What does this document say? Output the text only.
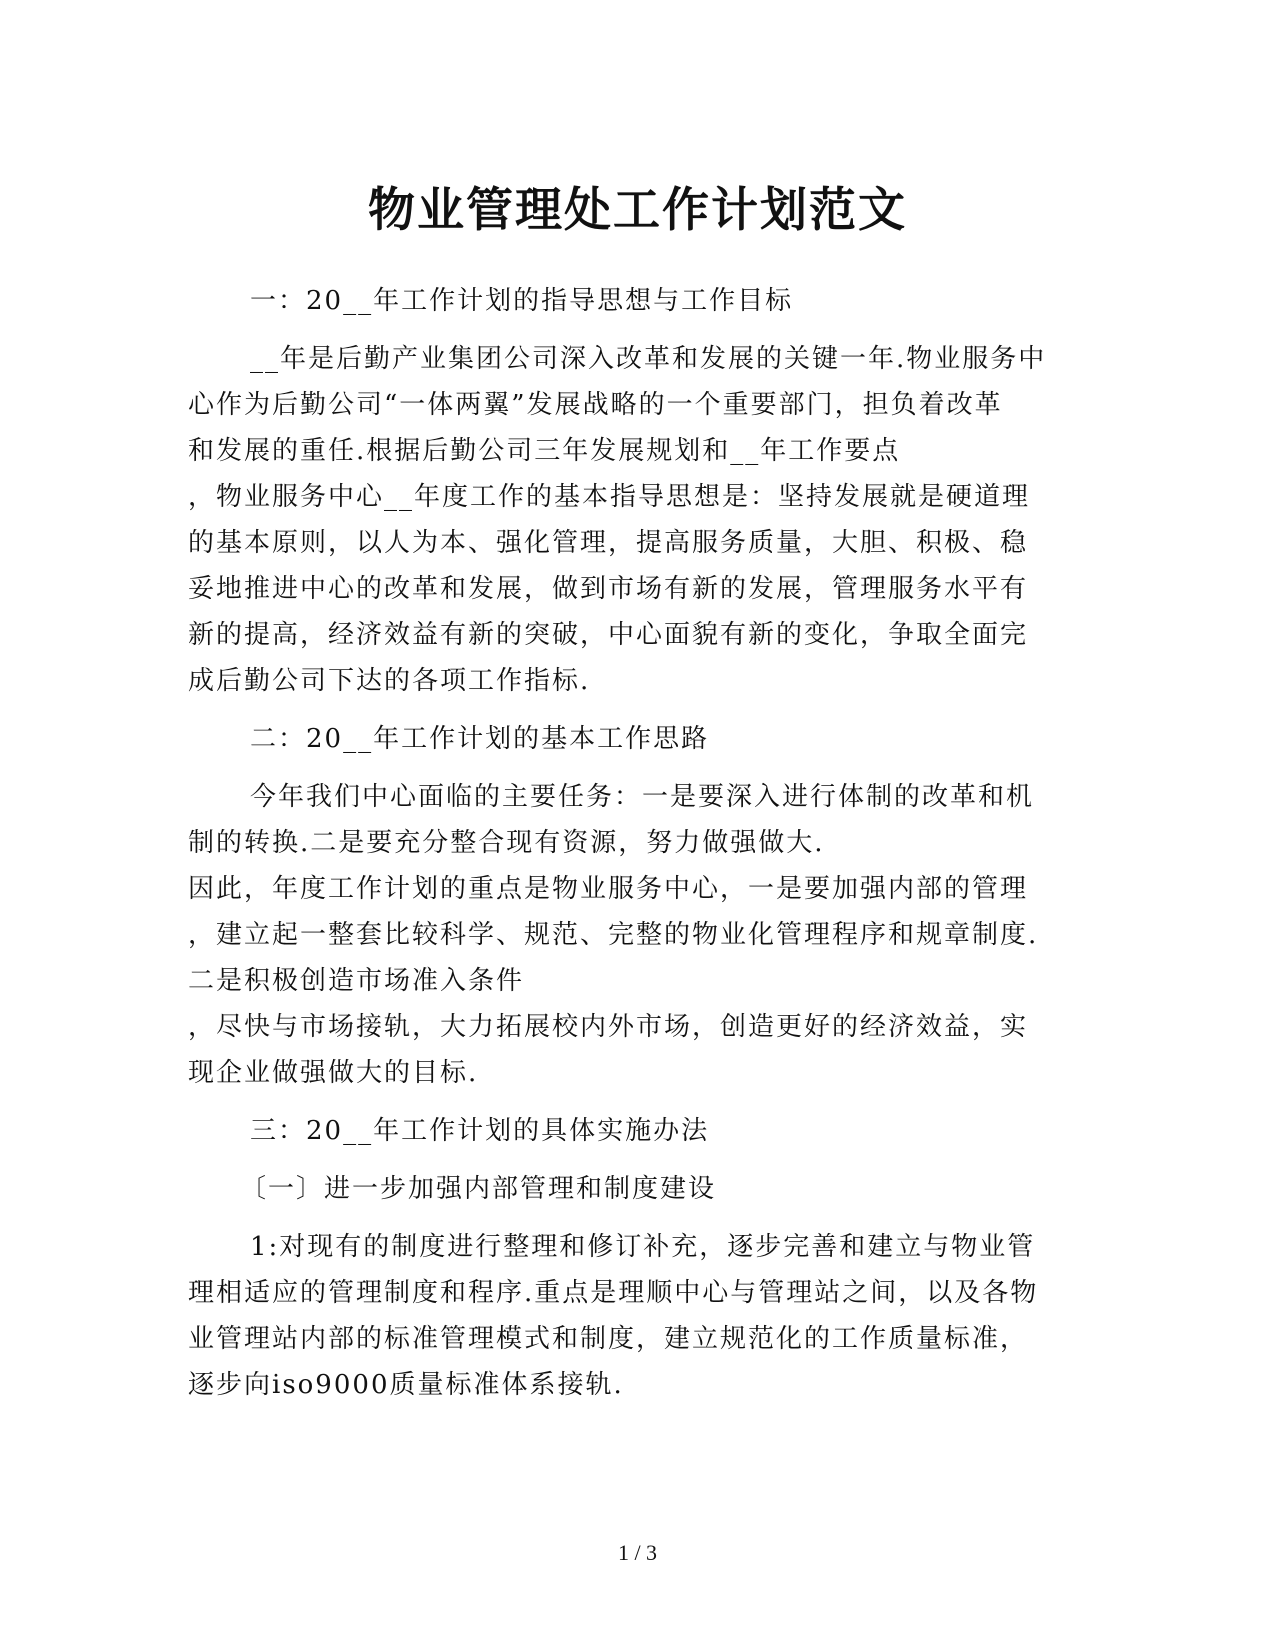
物业管理处工作计划范文

一：20__年工作计划的指导思想与工作目标

__年是后勤产业集团公司深入改革和发展的关键一年.物业服务中
心作为后勤公司“一体两翼”发展战略的一个重要部门，担负着改革
和发展的重任.根据后勤公司三年发展规划和__年工作要点
，物业服务中心__年度工作的基本指导思想是：坚持发展就是硬道理
的基本原则，以人为本、强化管理，提高服务质量，大胆、积极、稳
妥地推进中心的改革和发展，做到市场有新的发展，管理服务水平有
新的提高，经济效益有新的突破，中心面貌有新的变化，争取全面完
成后勤公司下达的各项工作指标.

二：20__年工作计划的基本工作思路

今年我们中心面临的主要任务：一是要深入进行体制的改革和机
制的转换.二是要充分整合现有资源，努力做强做大.
因此，年度工作计划的重点是物业服务中心，一是要加强内部的管理
，建立起一整套比较科学、规范、完整的物业化管理程序和规章制度.
二是积极创造市场准入条件
，尽快与市场接轨，大力拓展校内外市场，创造更好的经济效益，实
现企业做强做大的目标.

三：20__年工作计划的具体实施办法

〔一〕进一步加强内部管理和制度建设

1:对现有的制度进行整理和修订补充，逐步完善和建立与物业管
理相适应的管理制度和程序.重点是理顺中心与管理站之间，以及各物
业管理站内部的标准管理模式和制度，建立规范化的工作质量标准，
逐步向iso9000质量标准体系接轨.

1 / 3
